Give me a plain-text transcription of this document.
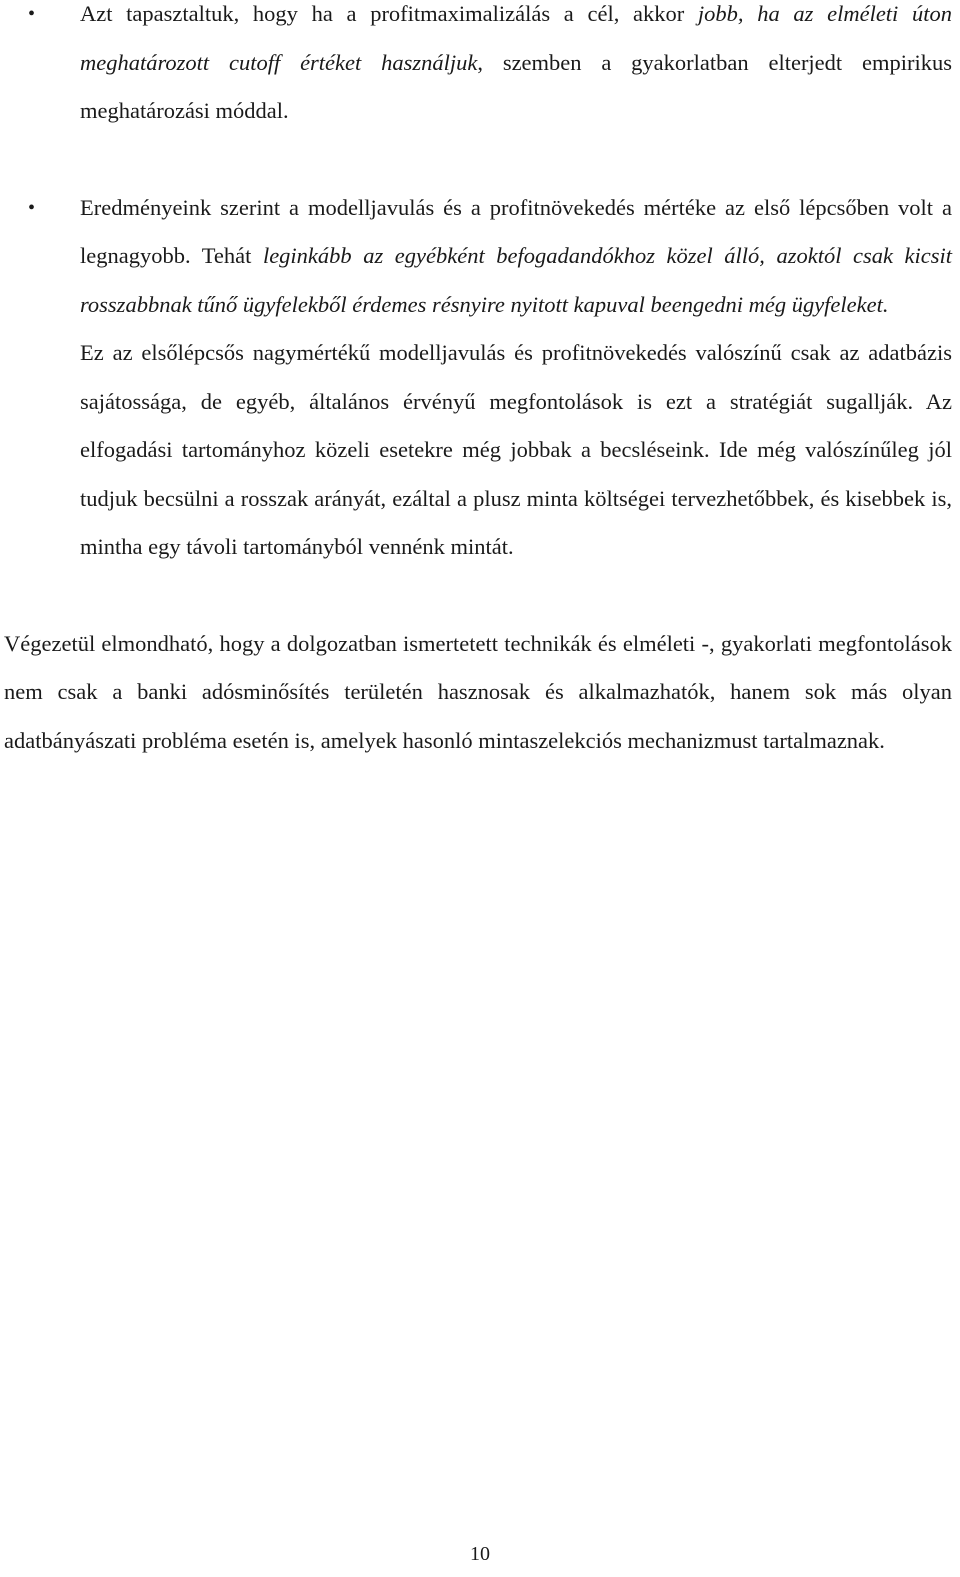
• Azt tapasztaltuk, hogy ha a profitmaximalizálás a cél, akkor jobb, ha az elméleti úton meghatározott cutoff értéket használjuk, szemben a gyakorlatban elterjedt empirikus meghatározási móddal.

• Eredményeink szerint a modelljavulás és a profitnövekedés mértéke az első lépcsőben volt a legnagyobb. Tehát leginkább az egyébként befogadandókhoz közel álló, azoktól csak kicsit rosszabbnak tűnő ügyfelekből érdemes résnyire nyitott kapuval beengedni még ügyfeleket.

Ez az elsőlépcsős nagymértékű modelljavulás és profitnövekedés valószínű csak az adatbázis sajátossága, de egyéb, általános érvényű megfontolások is ezt a stratégiát sugallják. Az elfogadási tartományhoz közeli esetekre még jobbak a becsléseink. Ide még valószínűleg jól tudjuk becsülni a rosszak arányát, ezáltal a plusz minta költségei tervezhetőbbek, és kisebbek is, mintha egy távoli tartományból vennénk mintát.

Végezetül elmondható, hogy a dolgozatban ismertetett technikák és elméleti -, gyakorlati megfontolások nem csak a banki adósminősítés területén hasznosak és alkalmazhatók, hanem sok más olyan adatbányászati probléma esetén is, amelyek hasonló mintaszelekciós mechanizmust tartalmaznak.

10
